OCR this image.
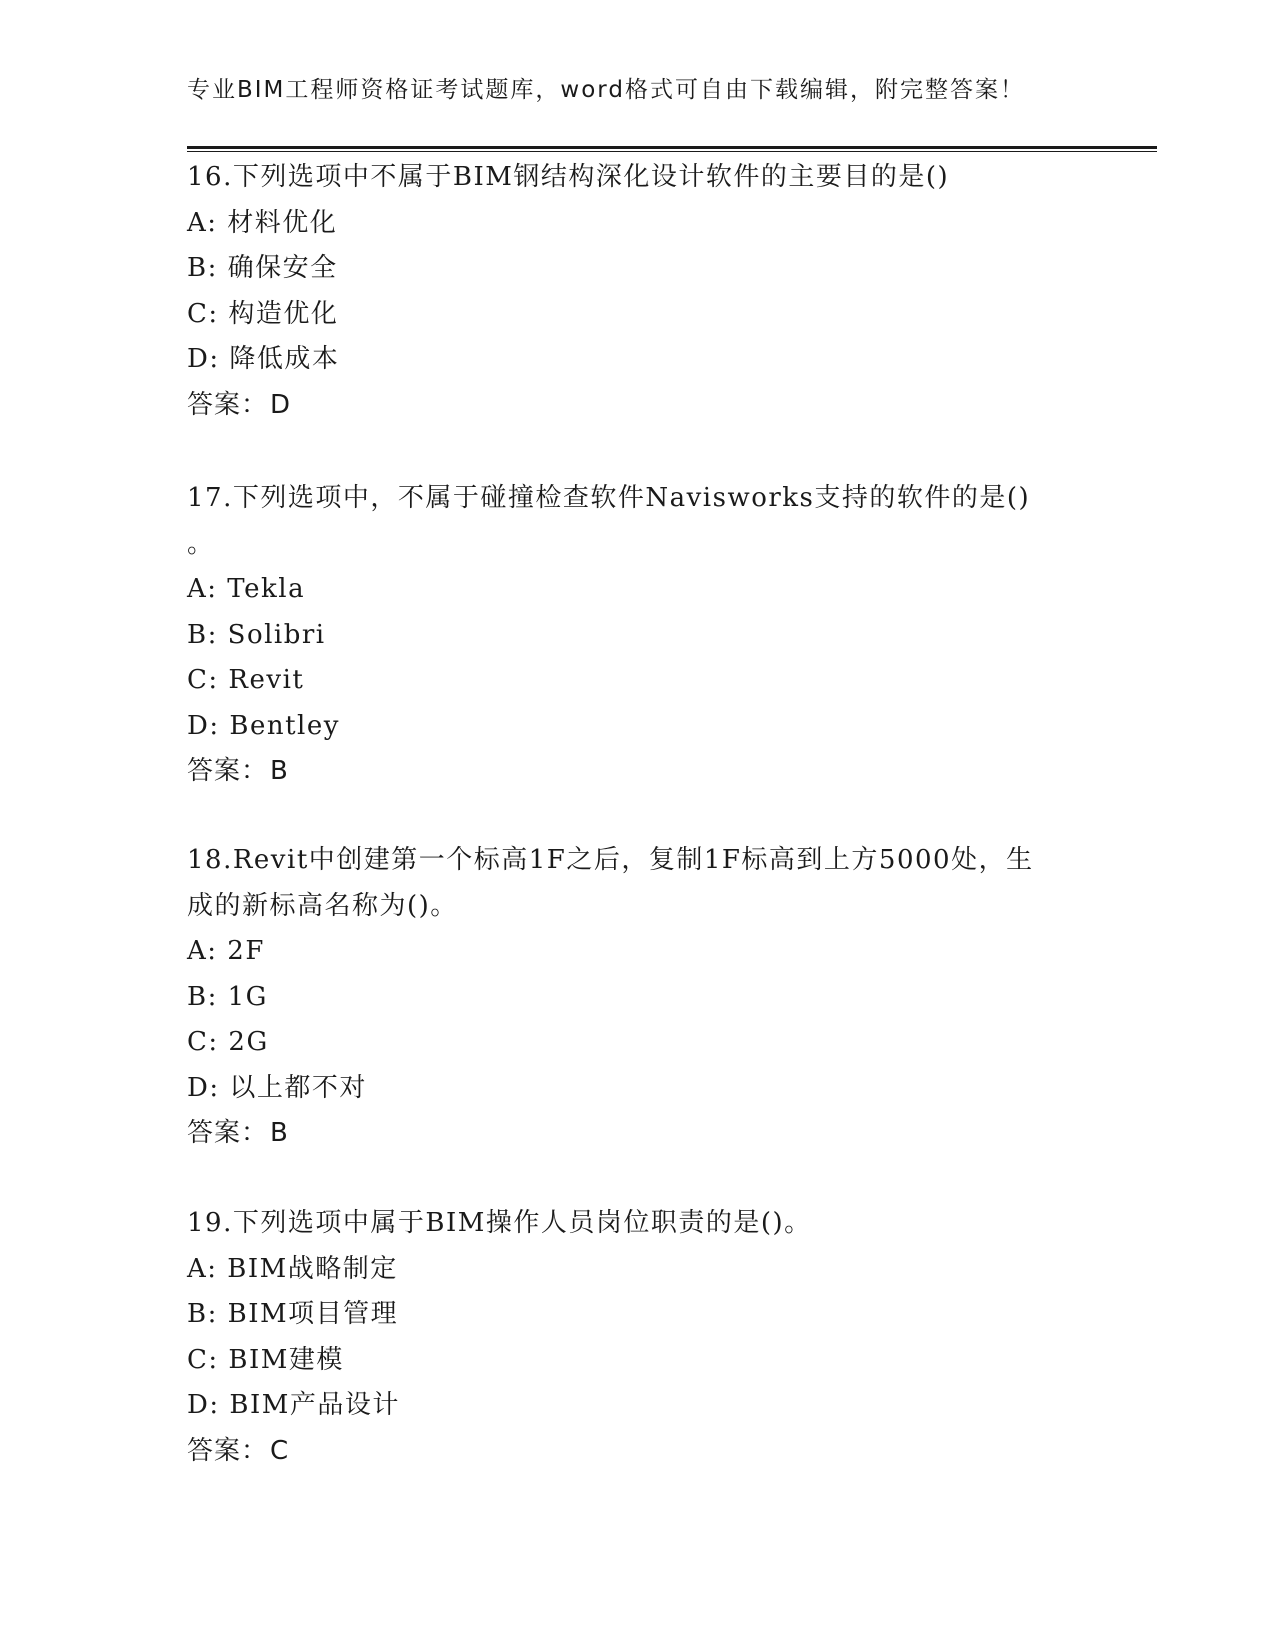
专业BIM工程师资格证考试题库，word格式可自由下载编辑，附完整答案！

16.下列选项中不属于BIM钢结构深化设计软件的主要目的是()

A: 材料优化

B: 确保安全

C: 构造优化

D: 降低成本

答案：D

17.下列选项中，不属于碰撞检查软件Navisworks支持的软件的是()

。

A: Tekla

B: Solibri

C: Revit

D: Bentley

答案：B

18.Revit中创建第一个标高1F之后，复制1F标高到上方5000处，生

成的新标高名称为()。

A: 2F

B: 1G

C: 2G

D: 以上都不对

答案：B

19.下列选项中属于BIM操作人员岗位职责的是()。

A: BIM战略制定

B: BIM项目管理

C: BIM建模

D: BIM产品设计

答案：C
